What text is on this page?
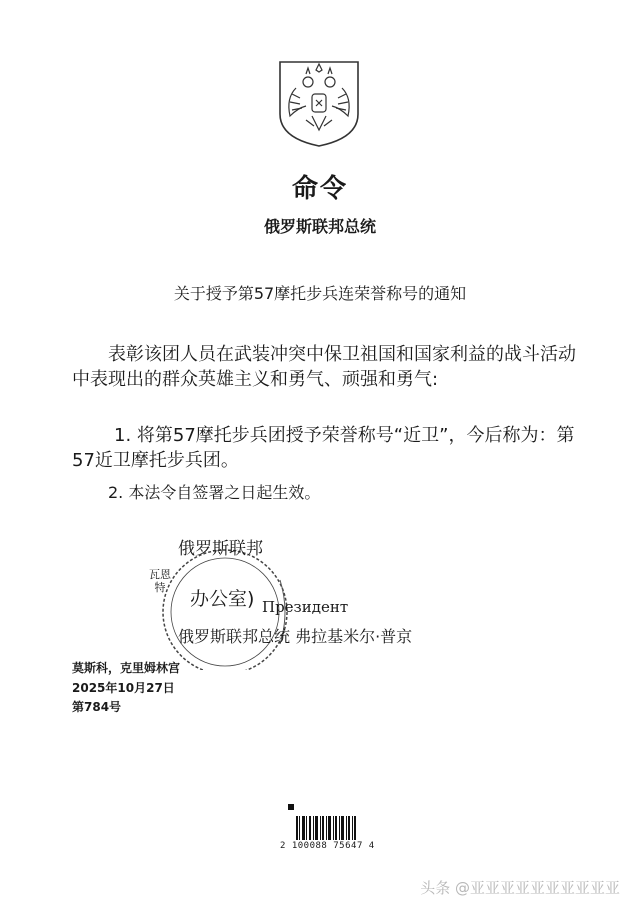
命令
俄罗斯联邦总统
关于授予第57摩托步兵连荣誉称号的通知
表彰该团人员在武装冲突中保卫祖国和国家利益的战斗活动中表现出的群众英雄主义和勇气、顽强和勇气:
1. 将第57摩托步兵团授予荣誉称号“近卫”，今后称为：第57近卫摩托步兵团。
2. 本法令自签署之日起生效。
俄罗斯联邦
瓦恩特
办公室) Президент
俄罗斯联邦总统 弗拉基米尔·普京
莫斯科，克里姆林宫
2025年10月27日
第784号
2 100088 75647 4
头条 @亚亚亚亚亚亚亚亚亚亚
